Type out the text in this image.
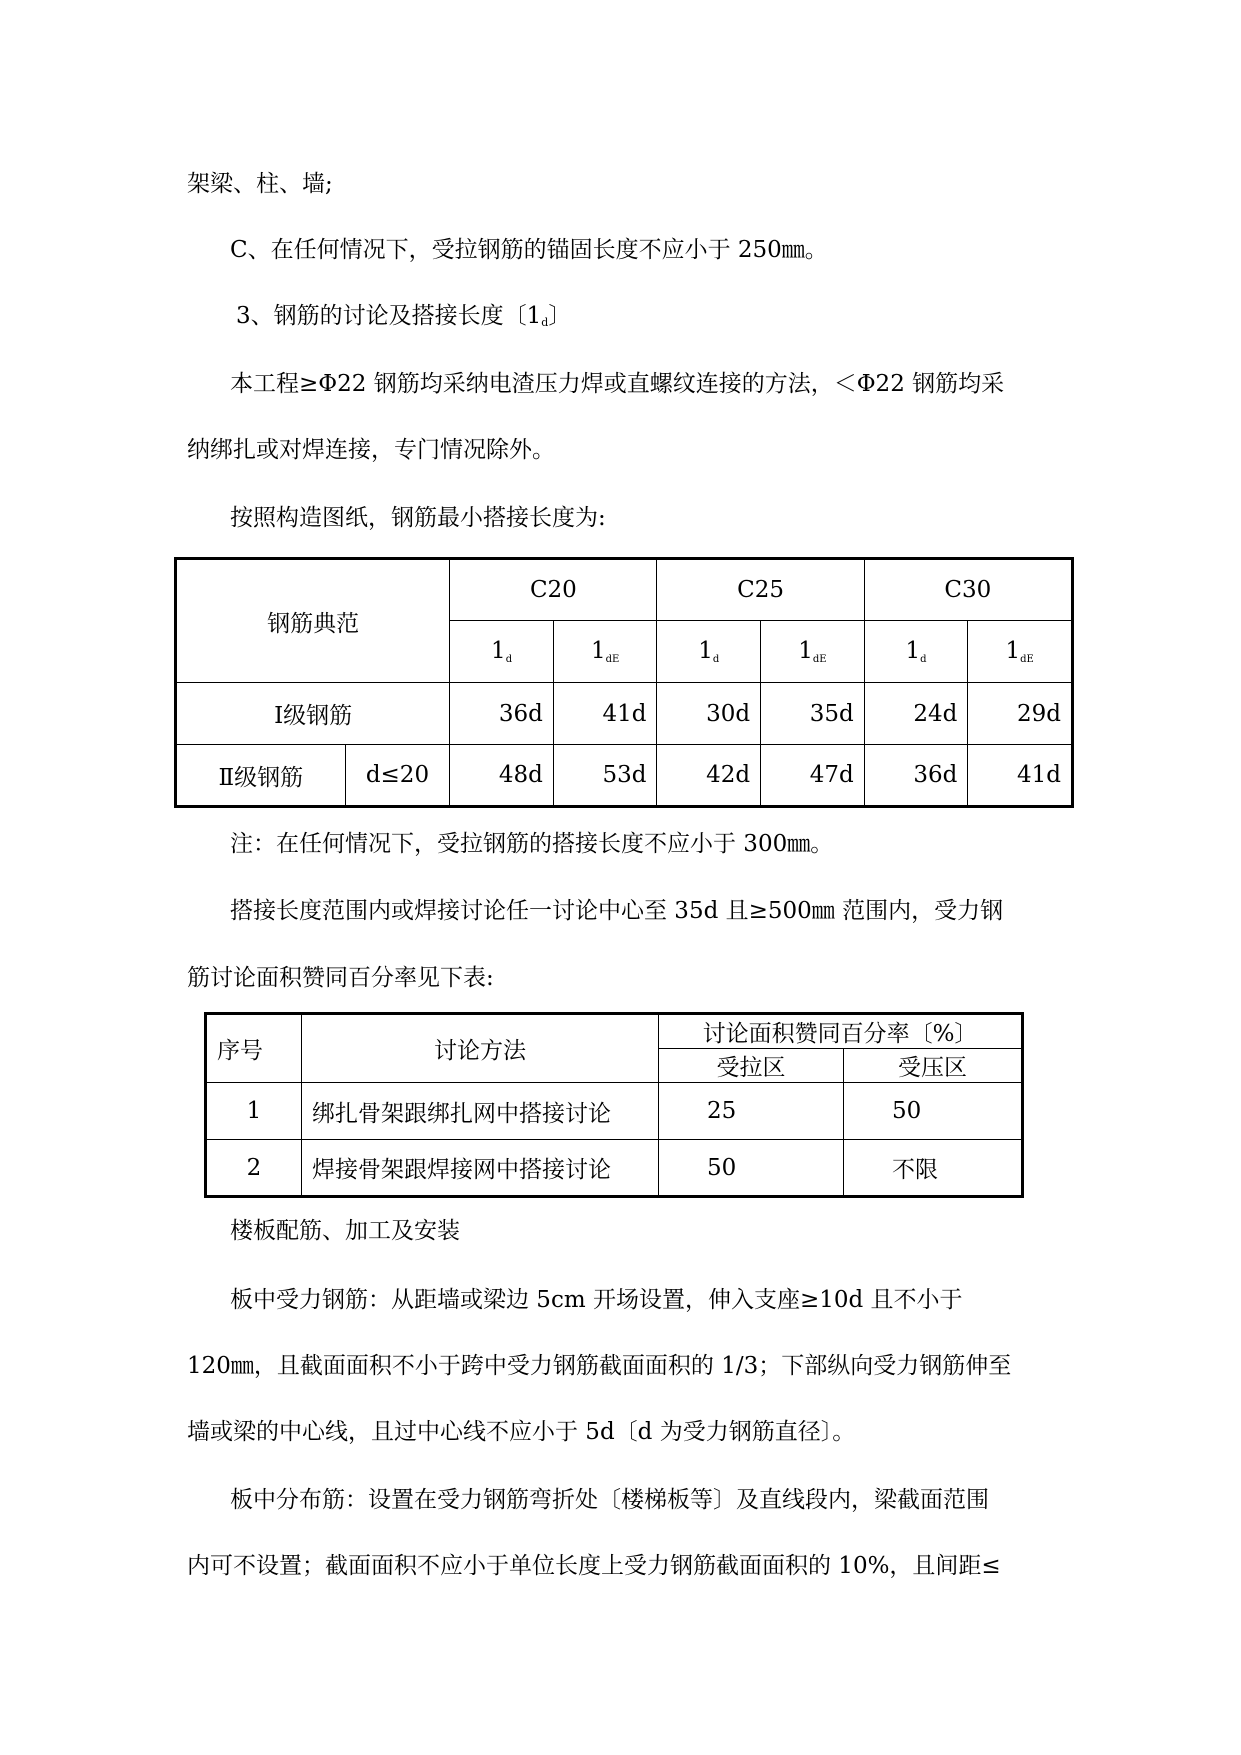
架梁、柱、墙;
C、在任何情况下，受拉钢筋的锚固长度不应小于 250㎜。
3、钢筋的讨论及搭接长度〔$1_d$〕
本工程≥Φ22 钢筋均采纳电渣压力焊或直螺纹连接的方法，＜Φ22 钢筋均采
纳绑扎或对焊连接，专门情况除外。
按照构造图纸，钢筋最小搭接长度为:
钢筋典范		C20		C25		C30	
		1d	1dE	1d	1dE	1d	1dE
Ⅰ级钢筋		36d	41d	30d	35d	24d	29d
Ⅱ级钢筋	d≤20	48d	53d	42d	47d	36d	41d
注：在任何情况下，受拉钢筋的搭接长度不应小于 300㎜。
搭接长度范围内或焊接讨论任一讨论中心至 35d 且≥500㎜ 范围内，受力钢
筋讨论面积赞同百分率见下表:
序号	讨论方法	讨论面积赞同百分率〔%〕	
		受拉区	受压区
1	绑扎骨架跟绑扎网中搭接讨论	25	50
2	焊接骨架跟焊接网中搭接讨论	50	不限
楼板配筋、加工及安装
板中受力钢筋：从距墙或梁边 5cm 开场设置，伸入支座≥10d 且不小于
120㎜，且截面面积不小于跨中受力钢筋截面面积的 1/3；下部纵向受力钢筋伸至
墙或梁的中心线，且过中心线不应小于 5d〔d 为受力钢筋直径〕。
板中分布筋：设置在受力钢筋弯折处〔楼梯板等〕及直线段内，梁截面范围
内可不设置；截面面积不应小于单位长度上受力钢筋截面面积的 10%，且间距≤
